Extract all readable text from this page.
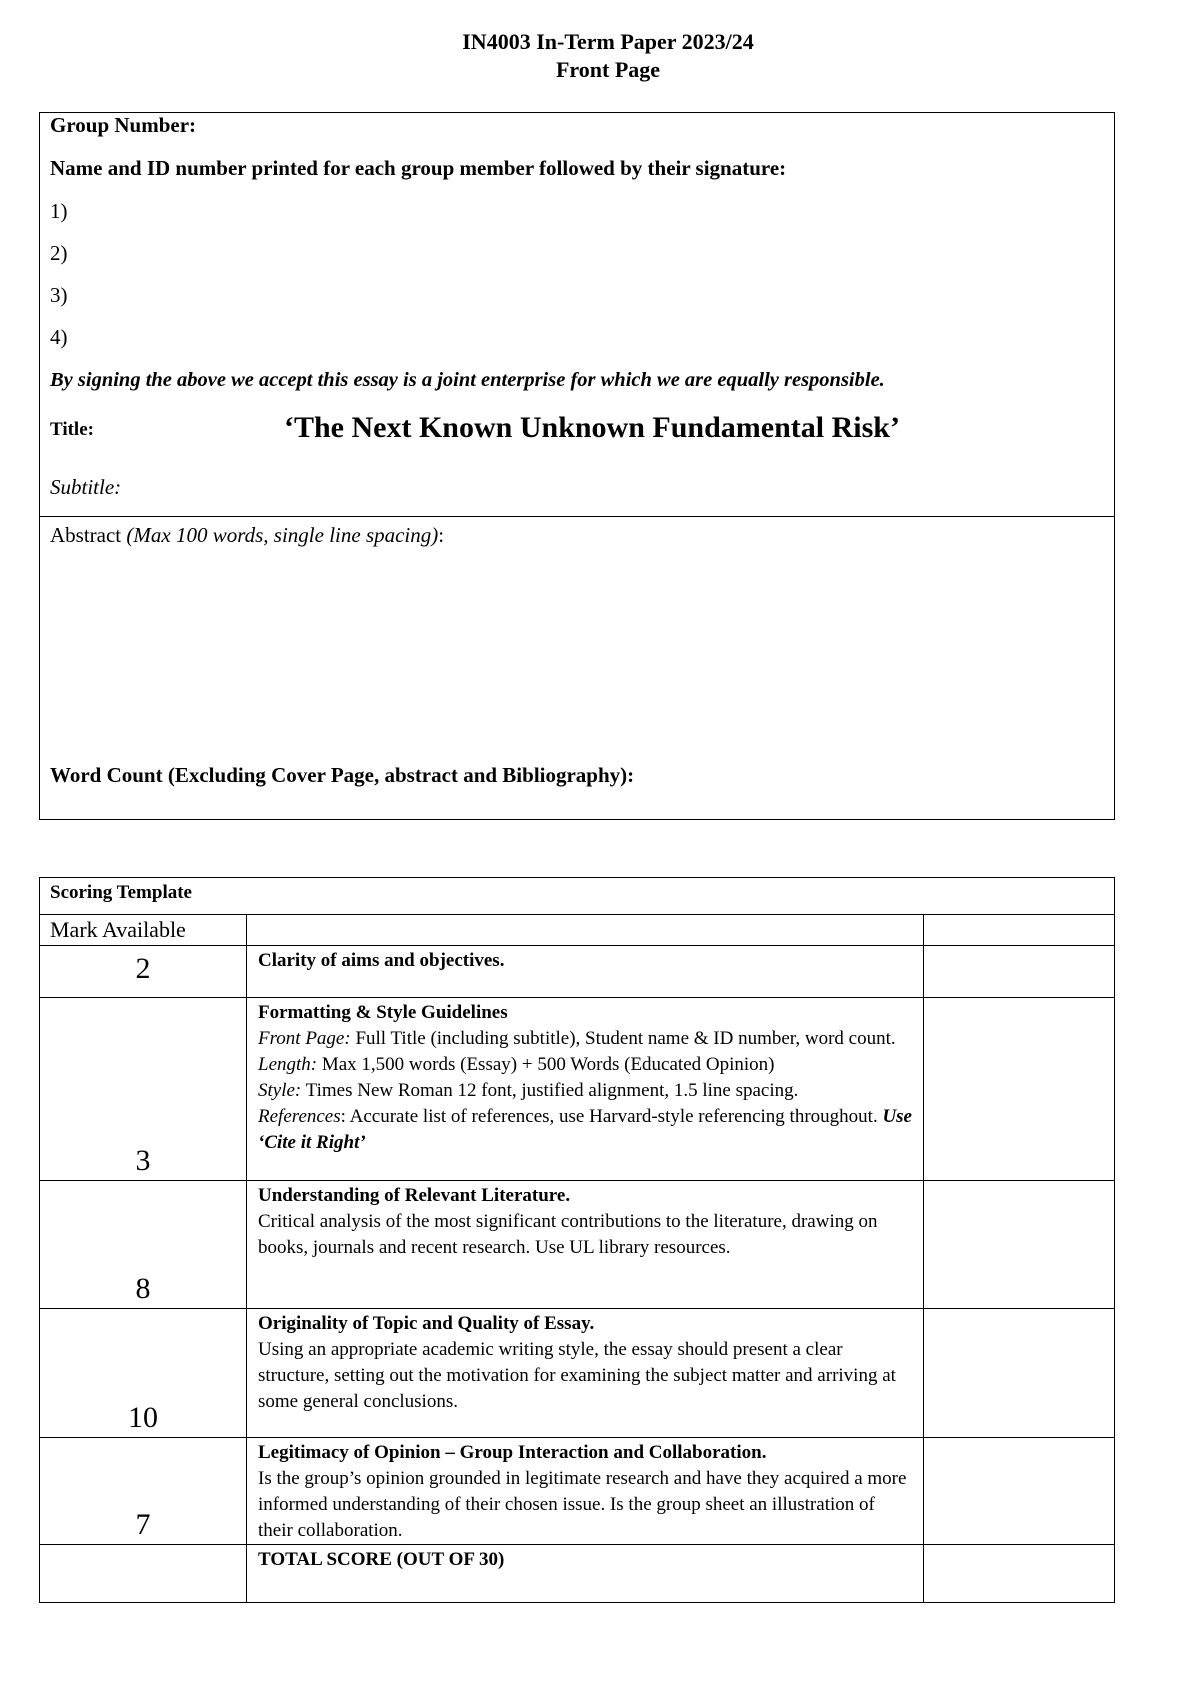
IN4003 In-Term Paper 2023/24
Front Page
Group Number:
Name and ID number printed for each group member followed by their signature:
1)
2)
3)
4)
By signing the above we accept this essay is a joint enterprise for which we are equally responsible.
Title:	‘The Next Known Unknown Fundamental Risk’
Subtitle:
Abstract (Max 100 words, single line spacing):
Word Count (Excluding Cover Page, abstract and Bibliography):
Scoring Template		
Mark Available		
2	Clarity of aims and objectives.	

3	Formatting & Style Guidelines
Front Page: Full Title (including subtitle), Student name & ID number, word count.
Length: Max 1,500 words (Essay) + 500 Words (Educated Opinion)
Style: Times New Roman 12 font, justified alignment, 1.5 line spacing.
References: Accurate list of references, use Harvard-style referencing throughout. Use ‘Cite it Right’	
8	Understanding of Relevant Literature.
Critical analysis of the most significant contributions to the literature, drawing on books, journals and recent research. Use UL library resources.	
10	Originality of Topic and Quality of Essay.
Using an appropriate academic writing style, the essay should present a clear structure, setting out the motivation for examining the subject matter and arriving at some general conclusions.	
7	Legitimacy of Opinion – Group Interaction and Collaboration.
Is the group’s opinion grounded in legitimate research and have they acquired a more informed understanding of their chosen issue. Is the group sheet an illustration of their collaboration.	

	TOTAL SCORE (OUT OF 30)	
